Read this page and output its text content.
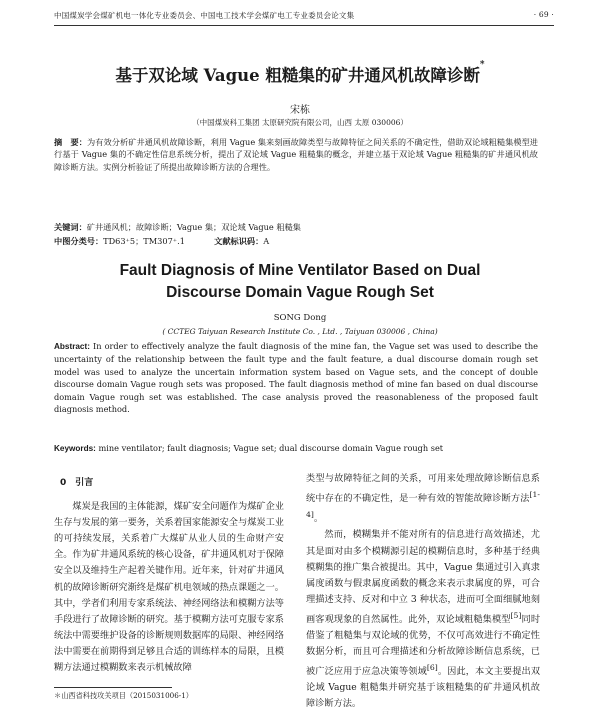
中国煤炭学会煤矿机电一体化专业委员会、中国电工技术学会煤矿电工专业委员会论文集	· 69 ·
基于双论域 Vague 粗糙集的矿井通风机故障诊断*
宋栋
（中国煤炭科工集团 太原研究院有限公司，山西 太原 030006）
摘　要：为有效分析矿井通风机故障诊断，利用 Vague 集来刻画故障类型与故障特征之间关系的不确定性，借助双论域粗糙集模型进行基于 Vague 集的不确定性信息系统分析，提出了双论域 Vague 粗糙集的概念，并建立基于双论域 Vague 粗糙集的矿井通风机故障诊断方法。实例分析验证了所提出故障诊断方法的合理性。
关键词：矿井通风机；故障诊断；Vague 集；双论域 Vague 粗糙集
中图分类号：TD63⁺5；TM307⁺.1	文献标识码：A
Fault Diagnosis of Mine Ventilator Based on Dual
Discourse Domain Vague Rough Set
SONG Dong
( CCTEG Taiyuan Research Institute Co. , Ltd. , Taiyuan 030006 , China)
Abstract: In order to effectively analyze the fault diagnosis of the mine fan, the Vague set was used to describe the uncertainty of the relationship between the fault type and the fault feature, a dual discourse domain rough set model was used to analyze the uncertain information system based on Vague sets, and the concept of double discourse domain Vague rough sets was proposed. The fault diagnosis method of mine fan based on dual discourse domain Vague rough set was established. The case analysis proved the reasonableness of the proposed fault diagnosis method.
Keywords: mine ventilator; fault diagnosis; Vague set; dual discourse domain Vague rough set
0　引言

煤炭是我国的主体能源，煤矿安全问题作为煤矿企业生存与发展的第一要务，关系着国家能源安全与煤炭工业的可持续发展，关系着广大煤矿从业人员的生命财产安全。作为矿井通风系统的核心设备，矿井通风机对于保障安全以及维持生产起着关键作用。近年来，针对矿井通风机的故障诊断研究渐终是煤矿机电领域的热点课题之一。其中，学者们利用专家系统法、神经网络法和模糊方法等手段进行了故障诊断的研究。基于模糊方法可克服专家系统法中需要维护设备的诊断规则数据库的局限、神经网络法中需要在前期得到足够且合适的训练样本的局限，且模糊方法通过模糊数来表示机械故障

类型与故障特征之间的关系，可用来处理故障诊断信息系统中存在的不确定性，是一种有效的智能故障诊断方法[1-4]。

然而，模糊集并不能对所有的信息进行高效描述，尤其是面对由多个模糊源引起的模糊信息时，多种基于经典模糊集的推广集合被提出。其中，Vague 集通过引入真隶属度函数与假隶属度函数的概念来表示隶属度的界，可合理描述支持、反对和中立 3 种状态，进而可全面细腻地刻画客观现象的自然属性。此外，双论域粗糙集模型[5]同时借鉴了粗糙集与双论域的优势，不仅可高效进行不确定性数据分析，而且可合理描述和分析故障诊断信息系统，已被广泛应用于应急决策等领域[6]。因此，本文主要提出双论域 Vague 粗糙集并研究基于该粗糙集的矿井通风机故障诊断方法。

＊山西省科技攻关项目（2015031006-1）
